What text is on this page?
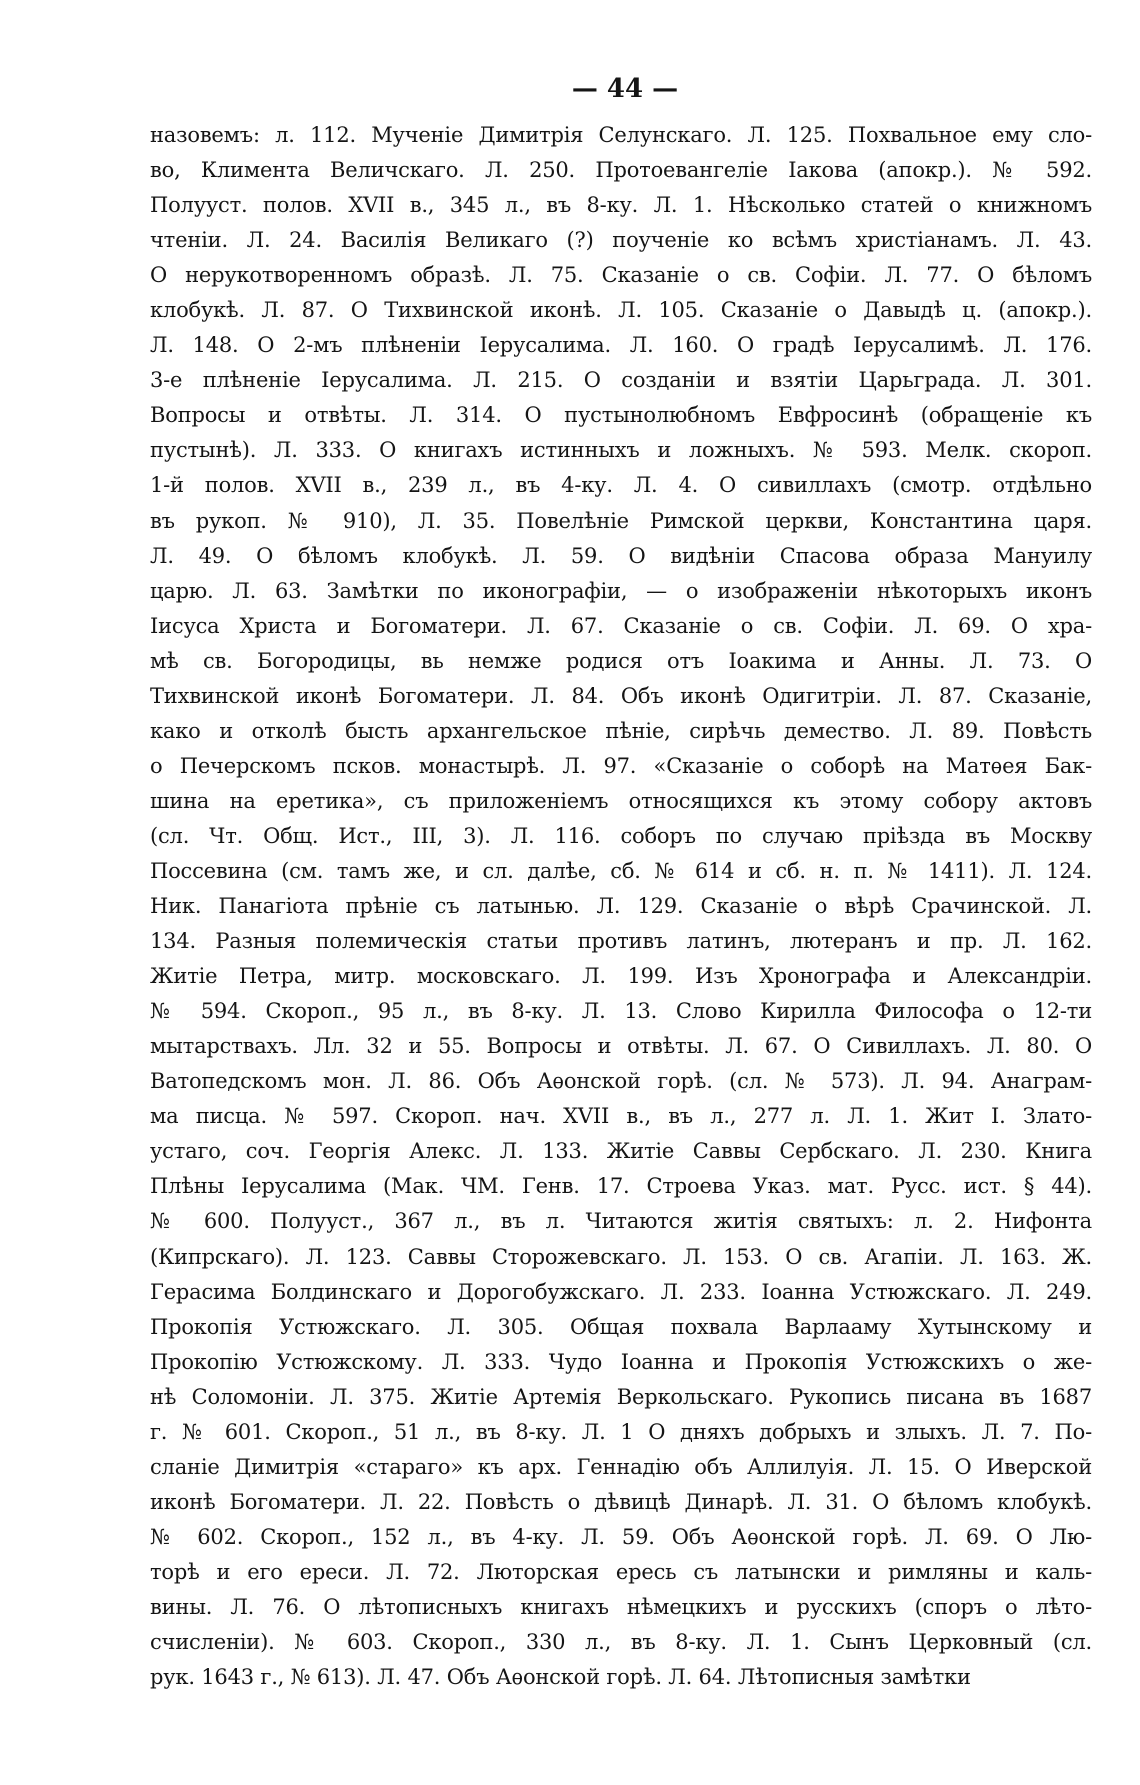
— 44 —
назовемъ: л. 112. Мученіе Димитрія Селунскаго. Л. 125. Похвальное ему сло-
во, Климента Величскаго. Л. 250. Протоевангеліе Іакова (апокр.). № 592.
Полууст. полов. XVII в., 345 л., въ 8-ку. Л. 1. Нѣсколько статей о книжномъ
чтеніи. Л. 24. Василія Великаго (?) поученіе ко всѣмъ христіанамъ. Л. 43.
О нерукотворенномъ образѣ. Л. 75. Сказаніе о св. Софіи. Л. 77. О бѣломъ
клобукѣ. Л. 87. О Тихвинской иконѣ. Л. 105. Сказаніе о Давыдѣ ц. (апокр.).
Л. 148. О 2-мъ плѣненіи Іерусалима. Л. 160. О градѣ Іерусалимѣ. Л. 176.
3-е плѣненіе Іерусалима. Л. 215. О созданіи и взятіи Царьграда. Л. 301.
Вопросы и отвѣты. Л. 314. О пустынолюбномъ Евфросинѣ (обращеніе къ
пустынѣ). Л. 333. О книгахъ истинныхъ и ложныхъ. № 593. Мелк. скороп.
1-й полов. XVII в., 239 л., въ 4-ку. Л. 4. О сивиллахъ (смотр. отдѣльно
въ рукоп. № 910), Л. 35. Повелѣніе Римской церкви, Константина царя.
Л. 49. О бѣломъ клобукѣ. Л. 59. О видѣніи Спасова образа Мануилу
царю. Л. 63. Замѣтки по иконографіи, — о изображеніи нѣкоторыхъ иконъ
Іисуса Христа и Богоматери. Л. 67. Сказаніе о св. Софіи. Л. 69. О хра-
мѣ св. Богородицы, вь немже родися отъ Іоакима и Анны. Л. 73. О
Тихвинской иконѣ Богоматери. Л. 84. Объ иконѣ Одигитріи. Л. 87. Сказаніе,
како и отколѣ бысть архангельское пѣніе, сирѣчь демество. Л. 89. Повѣсть
о Печерскомъ псков. монастырѣ. Л. 97. «Сказаніе о соборѣ на Матѳея Бак-
шина на еретика», съ приложеніемъ относящихся къ этому собору актовъ
(сл. Чт. Общ. Ист., III, 3). Л. 116. соборъ по случаю пріѣзда въ Москву
Поссевина (см. тамъ же, и сл. далѣе, сб. № 614 и сб. н. п. № 1411). Л. 124.
Ник. Панагіота прѣніе съ латынью. Л. 129. Сказаніе о вѣрѣ Срачинской. Л.
134. Разныя полемическія статьи противъ латинъ, лютеранъ и пр. Л. 162.
Житіе Петра, митр. московскаго. Л. 199. Изъ Хронографа и Александріи.
№ 594. Скороп., 95 л., въ 8-ку. Л. 13. Слово Кирилла Философа о 12-ти
мытарствахъ. Лл. 32 и 55. Вопросы и отвѣты. Л. 67. О Сивиллахъ. Л. 80. О
Ватопедскомъ мон. Л. 86. Объ Аѳонской горѣ. (сл. № 573). Л. 94. Анаграм-
ма писца. № 597. Скороп. нач. XVII в., въ л., 277 л. Л. 1. Жит І. Злато-
устаго, соч. Георгія Алекс. Л. 133. Житіе Саввы Сербскаго. Л. 230. Книга
Плѣны Іерусалима (Мак. ЧМ. Генв. 17. Строева Указ. мат. Русс. ист. § 44).
№ 600. Полууст., 367 л., въ л. Читаются житія святыхъ: л. 2. Нифонта
(Кипрскаго). Л. 123. Саввы Сторожевскаго. Л. 153. О св. Агапіи. Л. 163. Ж.
Герасима Болдинскаго и Дорогобужскаго. Л. 233. Іоанна Устюжскаго. Л. 249.
Прокопія Устюжскаго. Л. 305. Общая похвала Варлааму Хутынскому и
Прокопію Устюжскому. Л. 333. Чудо Іоанна и Прокопія Устюжскихъ о же-
нѣ Соломоніи. Л. 375. Житіе Артемія Веркольскаго. Рукопись писана въ 1687
г. № 601. Скороп., 51 л., въ 8-ку. Л. 1 О дняхъ добрыхъ и злыхъ. Л. 7. По-
сланіе Димитрія «стараго» къ арх. Геннадію объ Аллилуія. Л. 15. О Иверской
иконѣ Богоматери. Л. 22. Повѣсть о дѣвицѣ Динарѣ. Л. 31. О бѣломъ клобукѣ.
№ 602. Скороп., 152 л., въ 4-ку. Л. 59. Объ Аѳонской горѣ. Л. 69. О Лю-
торѣ и его ереси. Л. 72. Люторская ересь съ латынски и римляны и каль-
вины. Л. 76. О лѣтописныхъ книгахъ нѣмецкихъ и русскихъ (споръ о лѣто-
счисленіи). № 603. Скороп., 330 л., въ 8-ку. Л. 1. Сынъ Церковный (сл.
рук. 1643 г., № 613). Л. 47. Объ Аѳонской горѣ. Л. 64. Лѣтописныя замѣтки
